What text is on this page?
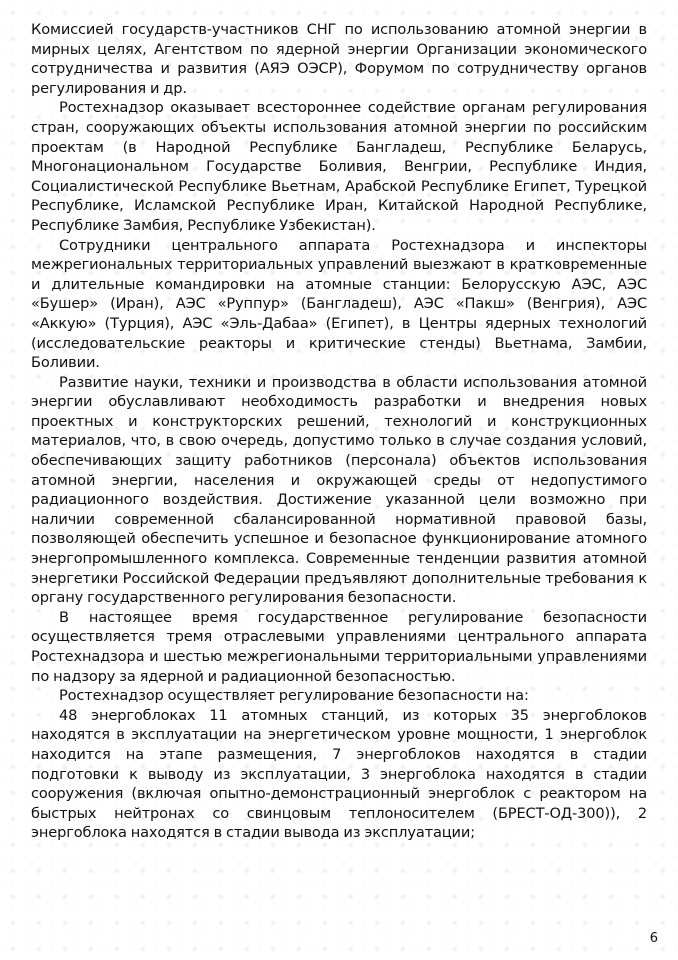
Комиссией государств-участников СНГ по использованию атомной энергии в мирных целях, Агентством по ядерной энергии Организации экономического сотрудничества и развития (АЯЭ ОЭСР), Форумом по сотрудничеству органов регулирования и др.

Ростехнадзор оказывает всестороннее содействие органам регулирования стран, сооружающих объекты использования атомной энергии по российским проектам (в Народной Республике Бангладеш, Республике Беларусь, Многонациональном Государстве Боливия, Венгрии, Республике Индия, Социалистической Республике Вьетнам, Арабской Республике Египет, Турецкой Республике, Исламской Республике Иран, Китайской Народной Республике, Республике Замбия, Республике Узбекистан).

Сотрудники центрального аппарата Ростехнадзора и инспекторы межрегиональных территориальных управлений выезжают в кратковременные и длительные командировки на атомные станции: Белорусскую АЭС, АЭС «Бушер» (Иран), АЭС «Руппур» (Бангладеш), АЭС «Пакш» (Венгрия), АЭС «Аккую» (Турция), АЭС «Эль-Дабаа» (Египет), в Центры ядерных технологий (исследовательские реакторы и критические стенды) Вьетнама, Замбии, Боливии.

Развитие науки, техники и производства в области использования атомной энергии обуславливают необходимость разработки и внедрения новых проектных и конструкторских решений, технологий и конструкционных материалов, что, в свою очередь, допустимо только в случае создания условий, обеспечивающих защиту работников (персонала) объектов использования атомной энергии, населения и окружающей среды от недопустимого радиационного воздействия. Достижение указанной цели возможно при наличии современной сбалансированной нормативной правовой базы, позволяющей обеспечить успешное и безопасное функционирование атомного энергопромышленного комплекса. Современные тенденции развития атомной энергетики Российской Федерации предъявляют дополнительные требования к органу государственного регулирования безопасности.

В настоящее время государственное регулирование безопасности осуществляется тремя отраслевыми управлениями центрального аппарата Ростехнадзора и шестью межрегиональными территориальными управлениями по надзору за ядерной и радиационной безопасностью.

Ростехнадзор осуществляет регулирование безопасности на:

48 энергоблоках 11 атомных станций, из которых 35 энергоблоков находятся в эксплуатации на энергетическом уровне мощности, 1 энергоблок находится на этапе размещения, 7 энергоблоков находятся в стадии подготовки к выводу из эксплуатации, 3 энергоблока находятся в стадии сооружения (включая опытно-демонстрационный энергоблок с реактором на быстрых нейтронах со свинцовым теплоносителем (БРЕСТ-ОД-300)), 2 энергоблока находятся в стадии вывода из эксплуатации;

6
